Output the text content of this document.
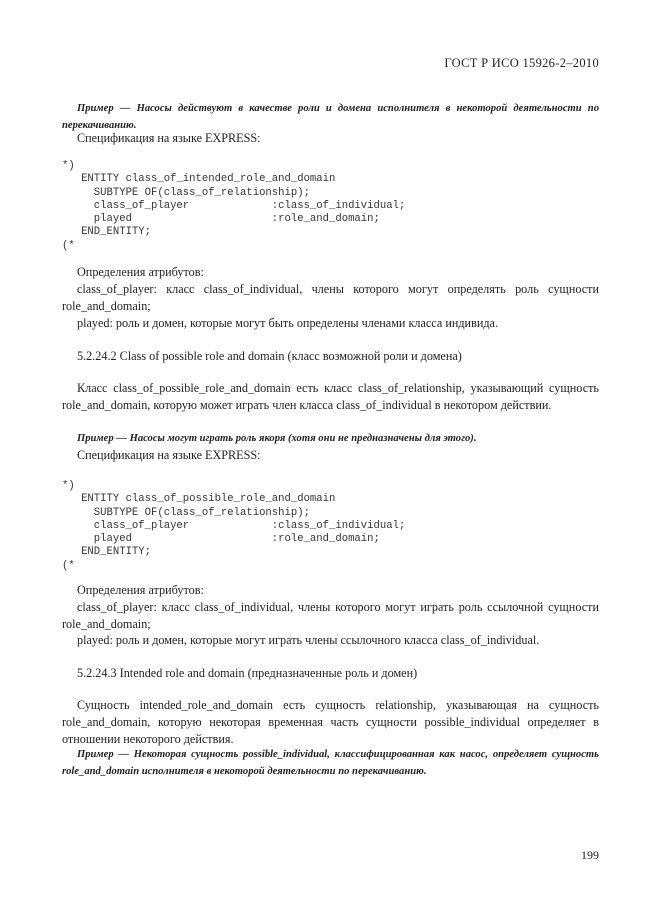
ГОСТ Р ИСО 15926-2–2010
Пример — Насосы действуют в качестве роли и домена исполнителя в некоторой деятельности по перекачиванию.
Спецификация на языке EXPRESS:
*)
ENTITY class_of_intended_role_and_domain
SUBTYPE OF(class_of_relationship);
class_of_player             :class_of_individual;
played                      :role_and_domain;
END_ENTITY;
(*
Определения атрибутов:
class_of_player: класс class_of_individual, члены которого могут определять роль сущности role_and_domain;
played: роль и домен, которые могут быть определены членами класса индивида.
5.2.24.2 Class of possible role and domain (класс возможной роли и домена)
Класс class_of_possible_role_and_domain есть класс class_of_relationship, указывающий сущность role_and_domain, которую может играть член класса class_of_individual в некотором действии.
Пример — Насосы могут играть роль якоря (хотя они не предназначены для этого).
Спецификация на языке EXPRESS:
*)
ENTITY class_of_possible_role_and_domain
SUBTYPE OF(class_of_relationship);
class_of_player             :class_of_individual;
played                      :role_and_domain;
END_ENTITY;
(*
Определения атрибутов:
class_of_player: класс class_of_individual, члены которого могут играть роль ссылочной сущности role_and_domain;
played: роль и домен, которые могут играть члены ссылочного класса class_of_individual.
5.2.24.3 Intended role and domain (предназначенные роль и домен)
Сущность intended_role_and_domain есть сущность relationship, указывающая на сущность role_and_domain, которую некоторая временная часть сущности possible_individual определяет в отношении некоторого действия.
Пример — Некоторая сущность possible_individual, классифицированная как насос, определяет сущность role_and_domain исполнителя в некоторой деятельности по перекачиванию.
199
